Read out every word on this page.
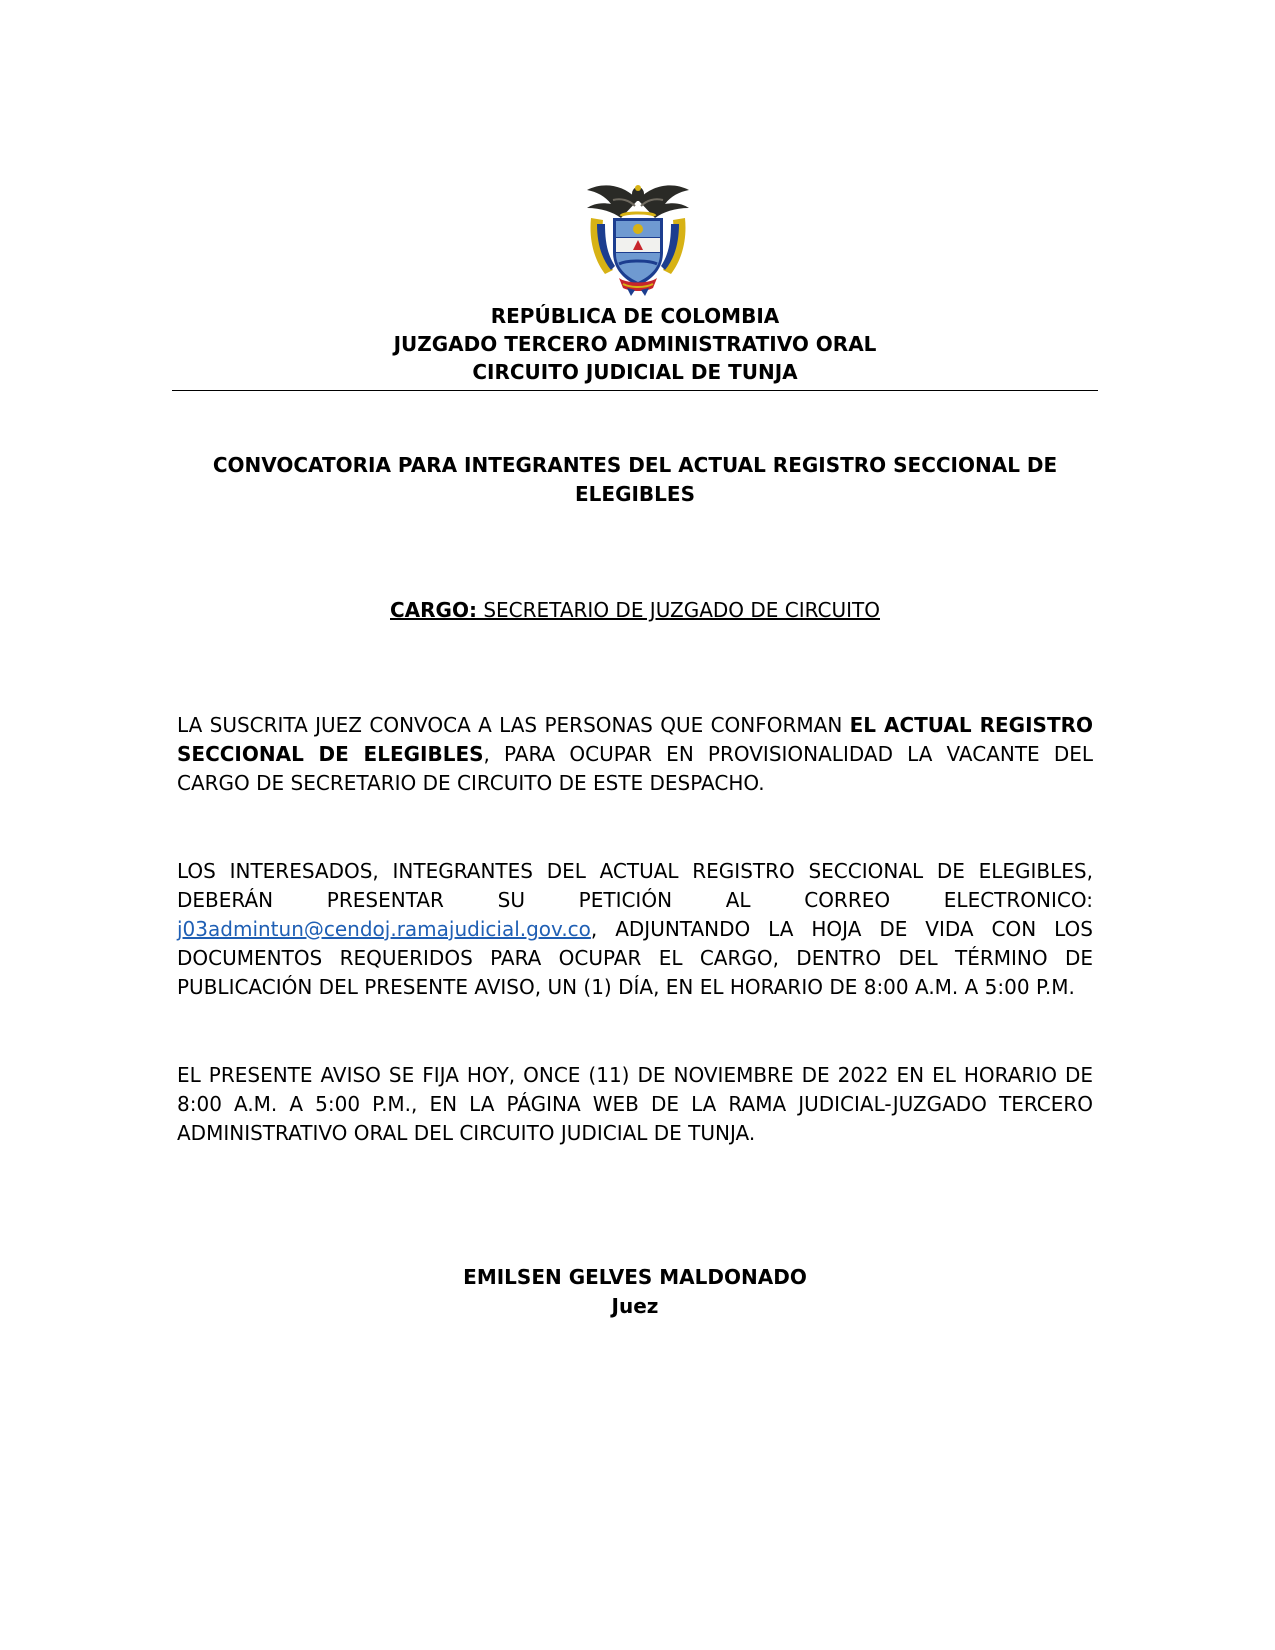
REPÚBLICA DE COLOMBIA
JUZGADO TERCERO ADMINISTRATIVO ORAL
CIRCUITO JUDICIAL DE TUNJA
CONVOCATORIA PARA INTEGRANTES DEL ACTUAL REGISTRO SECCIONAL DE
ELEGIBLES
CARGO: SECRETARIO DE JUZGADO DE CIRCUITO
LA SUSCRITA JUEZ CONVOCA A LAS PERSONAS QUE CONFORMAN EL ACTUAL REGISTRO SECCIONAL DE ELEGIBLES, PARA OCUPAR EN PROVISIONALIDAD LA VACANTE DEL CARGO DE SECRETARIO DE CIRCUITO DE ESTE DESPACHO.
LOS INTERESADOS, INTEGRANTES DEL ACTUAL REGISTRO SECCIONAL DE ELEGIBLES, DEBERÁN PRESENTAR SU PETICIÓN AL CORREO ELECTRONICO: j03admintun@cendoj.ramajudicial.gov.co, ADJUNTANDO LA HOJA DE VIDA CON LOS DOCUMENTOS REQUERIDOS PARA OCUPAR EL CARGO, DENTRO DEL TÉRMINO DE PUBLICACIÓN DEL PRESENTE AVISO, UN (1) DÍA, EN EL HORARIO DE 8:00 A.M. A 5:00 P.M.
EL PRESENTE AVISO SE FIJA HOY, ONCE (11) DE NOVIEMBRE DE 2022 EN EL HORARIO DE 8:00 A.M. A 5:00 P.M., EN LA PÁGINA WEB DE LA RAMA JUDICIAL-JUZGADO TERCERO ADMINISTRATIVO ORAL DEL CIRCUITO JUDICIAL DE TUNJA.
EMILSEN GELVES MALDONADO
Juez
